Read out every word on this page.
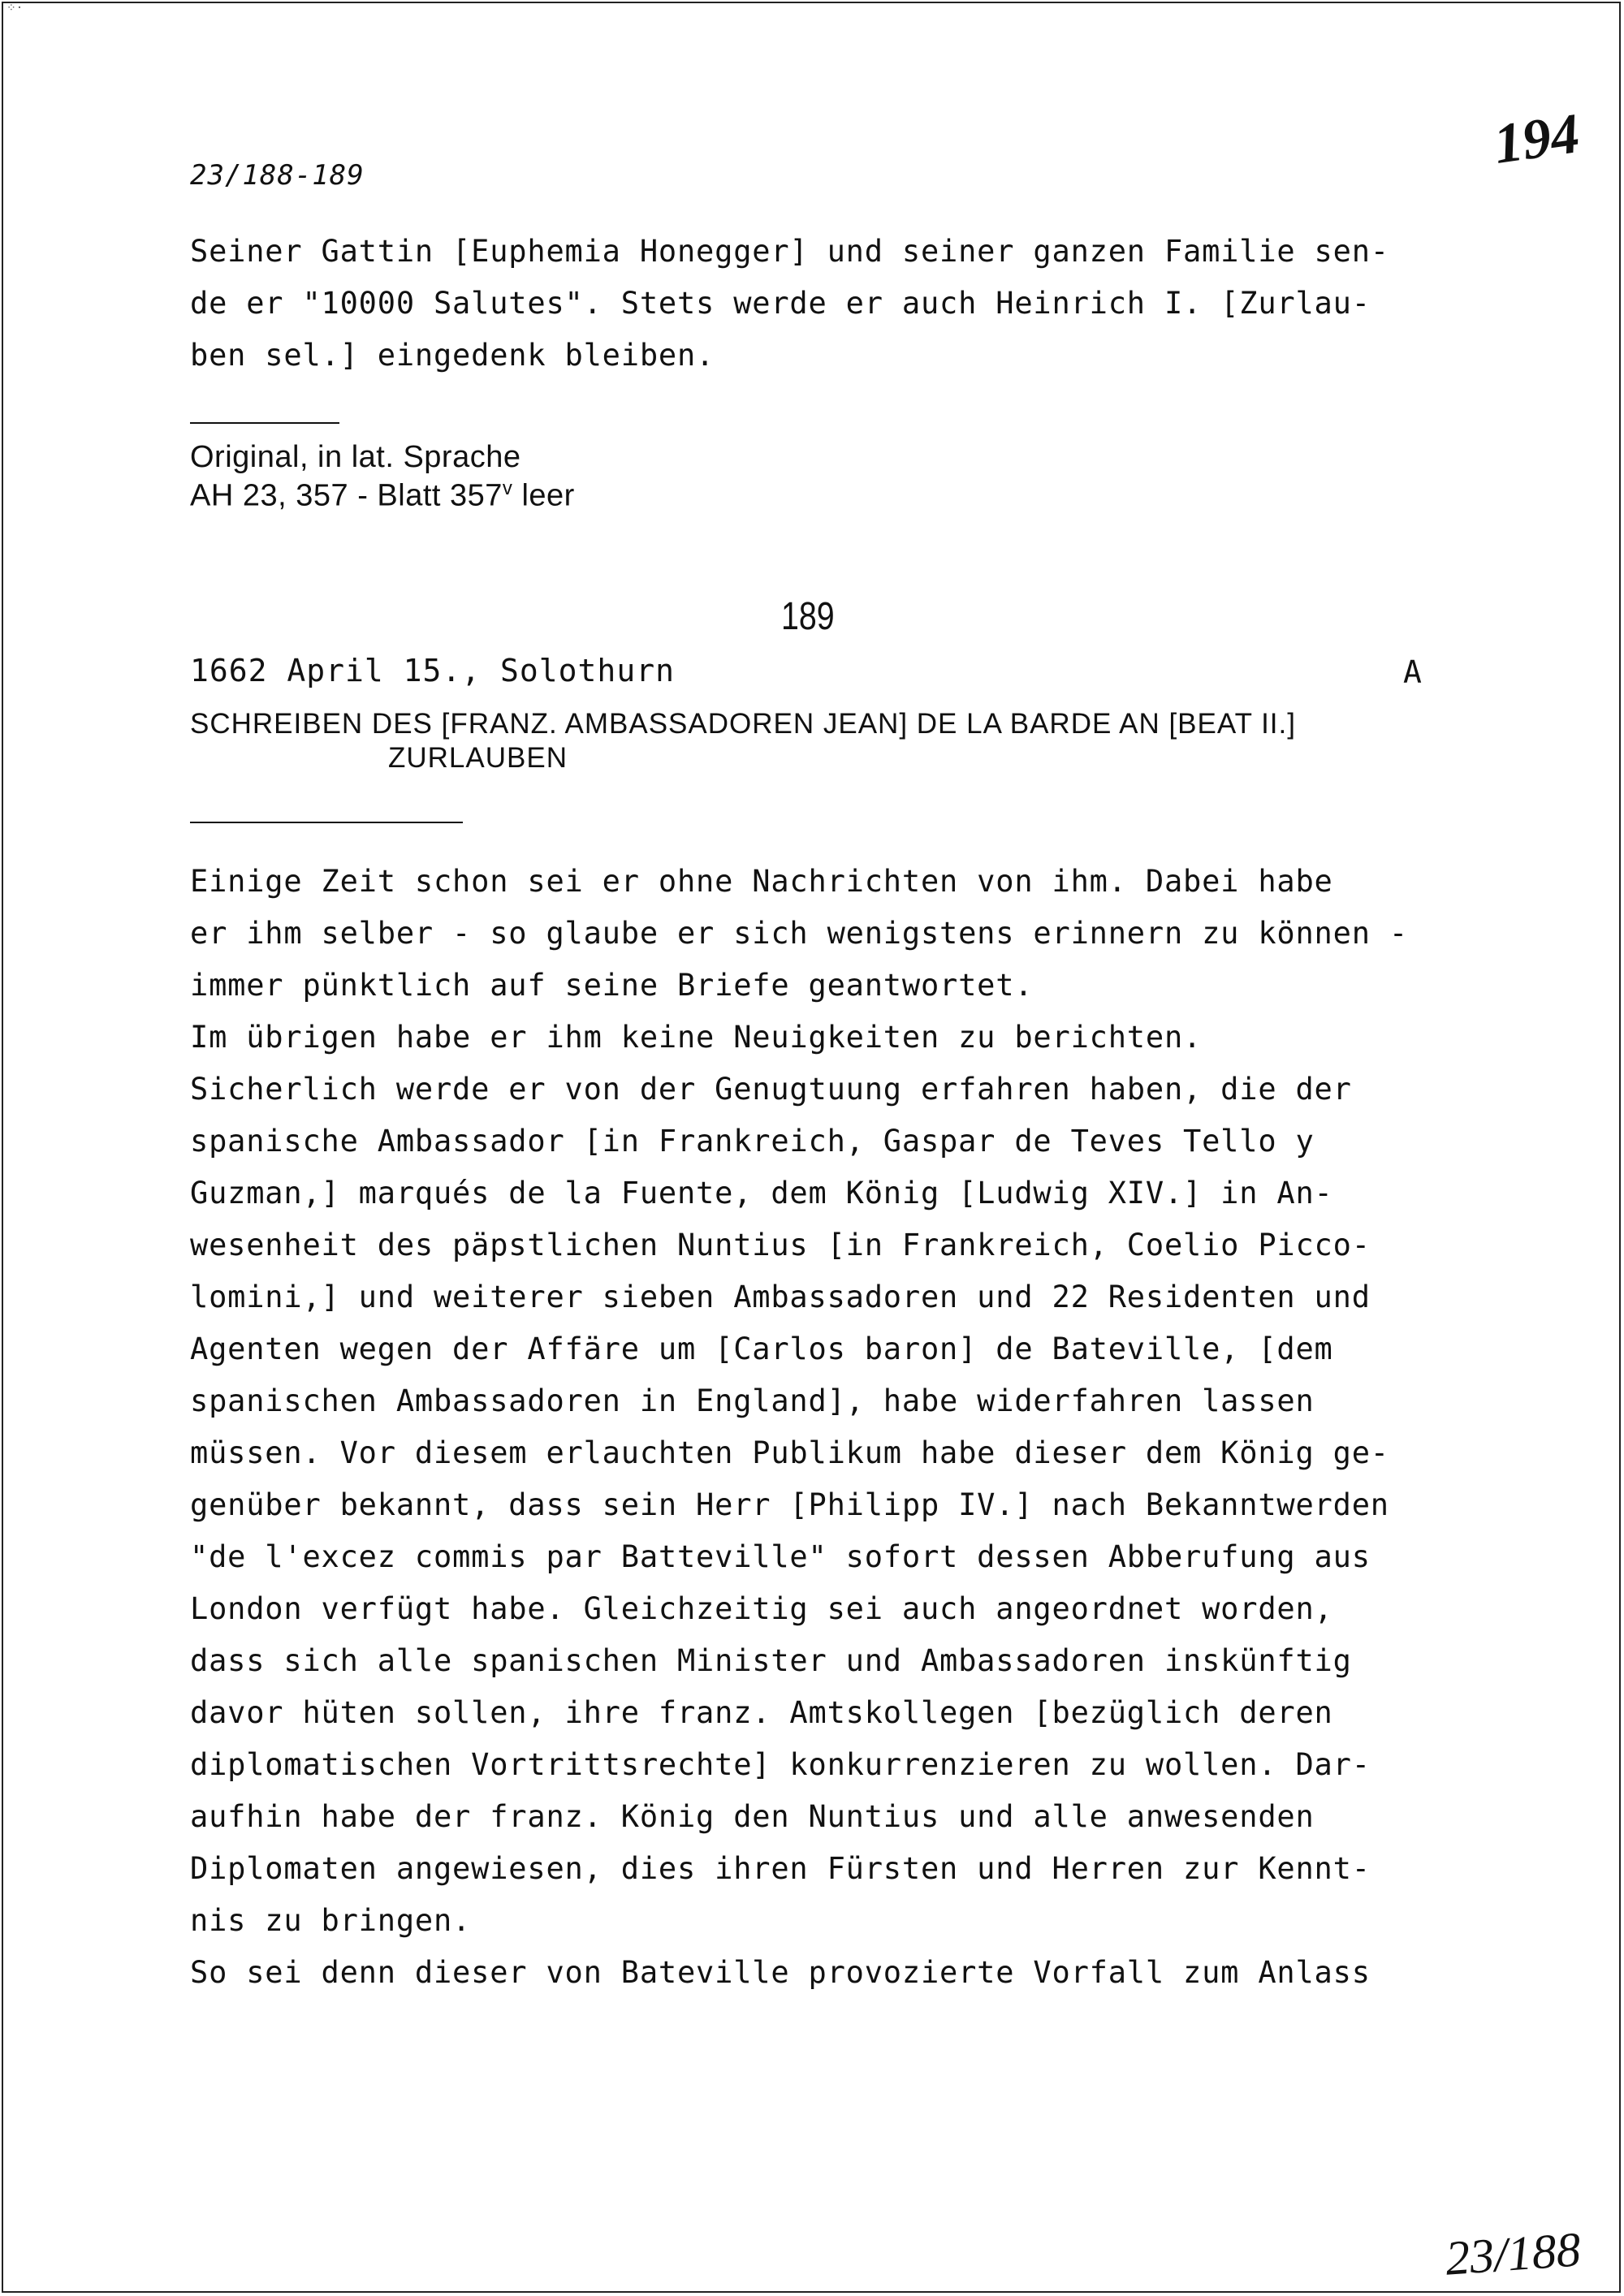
⁘·
23/188-189	194
Seiner Gattin [Euphemia Honegger] und seiner ganzen Familie sen-
de er "10000 Salutes". Stets werde er auch Heinrich I. [Zurlau-
ben sel.] eingedenk bleiben.
Original, in lat. Sprache
AH 23, 357 - Blatt 357$^v$ leer
189
1662 April 15., Solothurn	A
SCHREIBEN DES [FRANZ. AMBASSADOREN JEAN] DE LA BARDE AN [BEAT II.]
ZURLAUBEN
Einige Zeit schon sei er ohne Nachrichten von ihm. Dabei habe
er ihm selber - so glaube er sich wenigstens erinnern zu können -
immer pünktlich auf seine Briefe geantwortet.
Im übrigen habe er ihm keine Neuigkeiten zu berichten.
Sicherlich werde er von der Genugtuung erfahren haben, die der
spanische Ambassador [in Frankreich, Gaspar de Teves Tello y
Guzman,] marqués de la Fuente, dem König [Ludwig XIV.] in An-
wesenheit des päpstlichen Nuntius [in Frankreich, Coelio Picco-
lomini,] und weiterer sieben Ambassadoren und 22 Residenten und
Agenten wegen der Affäre um [Carlos baron] de Bateville, [dem
spanischen Ambassadoren in England], habe widerfahren lassen
müssen. Vor diesem erlauchten Publikum habe dieser dem König ge-
genüber bekannt, dass sein Herr [Philipp IV.] nach Bekanntwerden
"de l'excez commis par Batteville" sofort dessen Abberufung aus
London verfügt habe. Gleichzeitig sei auch angeordnet worden,
dass sich alle spanischen Minister und Ambassadoren inskünftig
davor hüten sollen, ihre franz. Amtskollegen [bezüglich deren
diplomatischen Vortrittsrechte] konkurrenzieren zu wollen. Dar-
aufhin habe der franz. König den Nuntius und alle anwesenden
Diplomaten angewiesen, dies ihren Fürsten und Herren zur Kennt-
nis zu bringen.
So sei denn dieser von Bateville provozierte Vorfall zum Anlass
23/188
